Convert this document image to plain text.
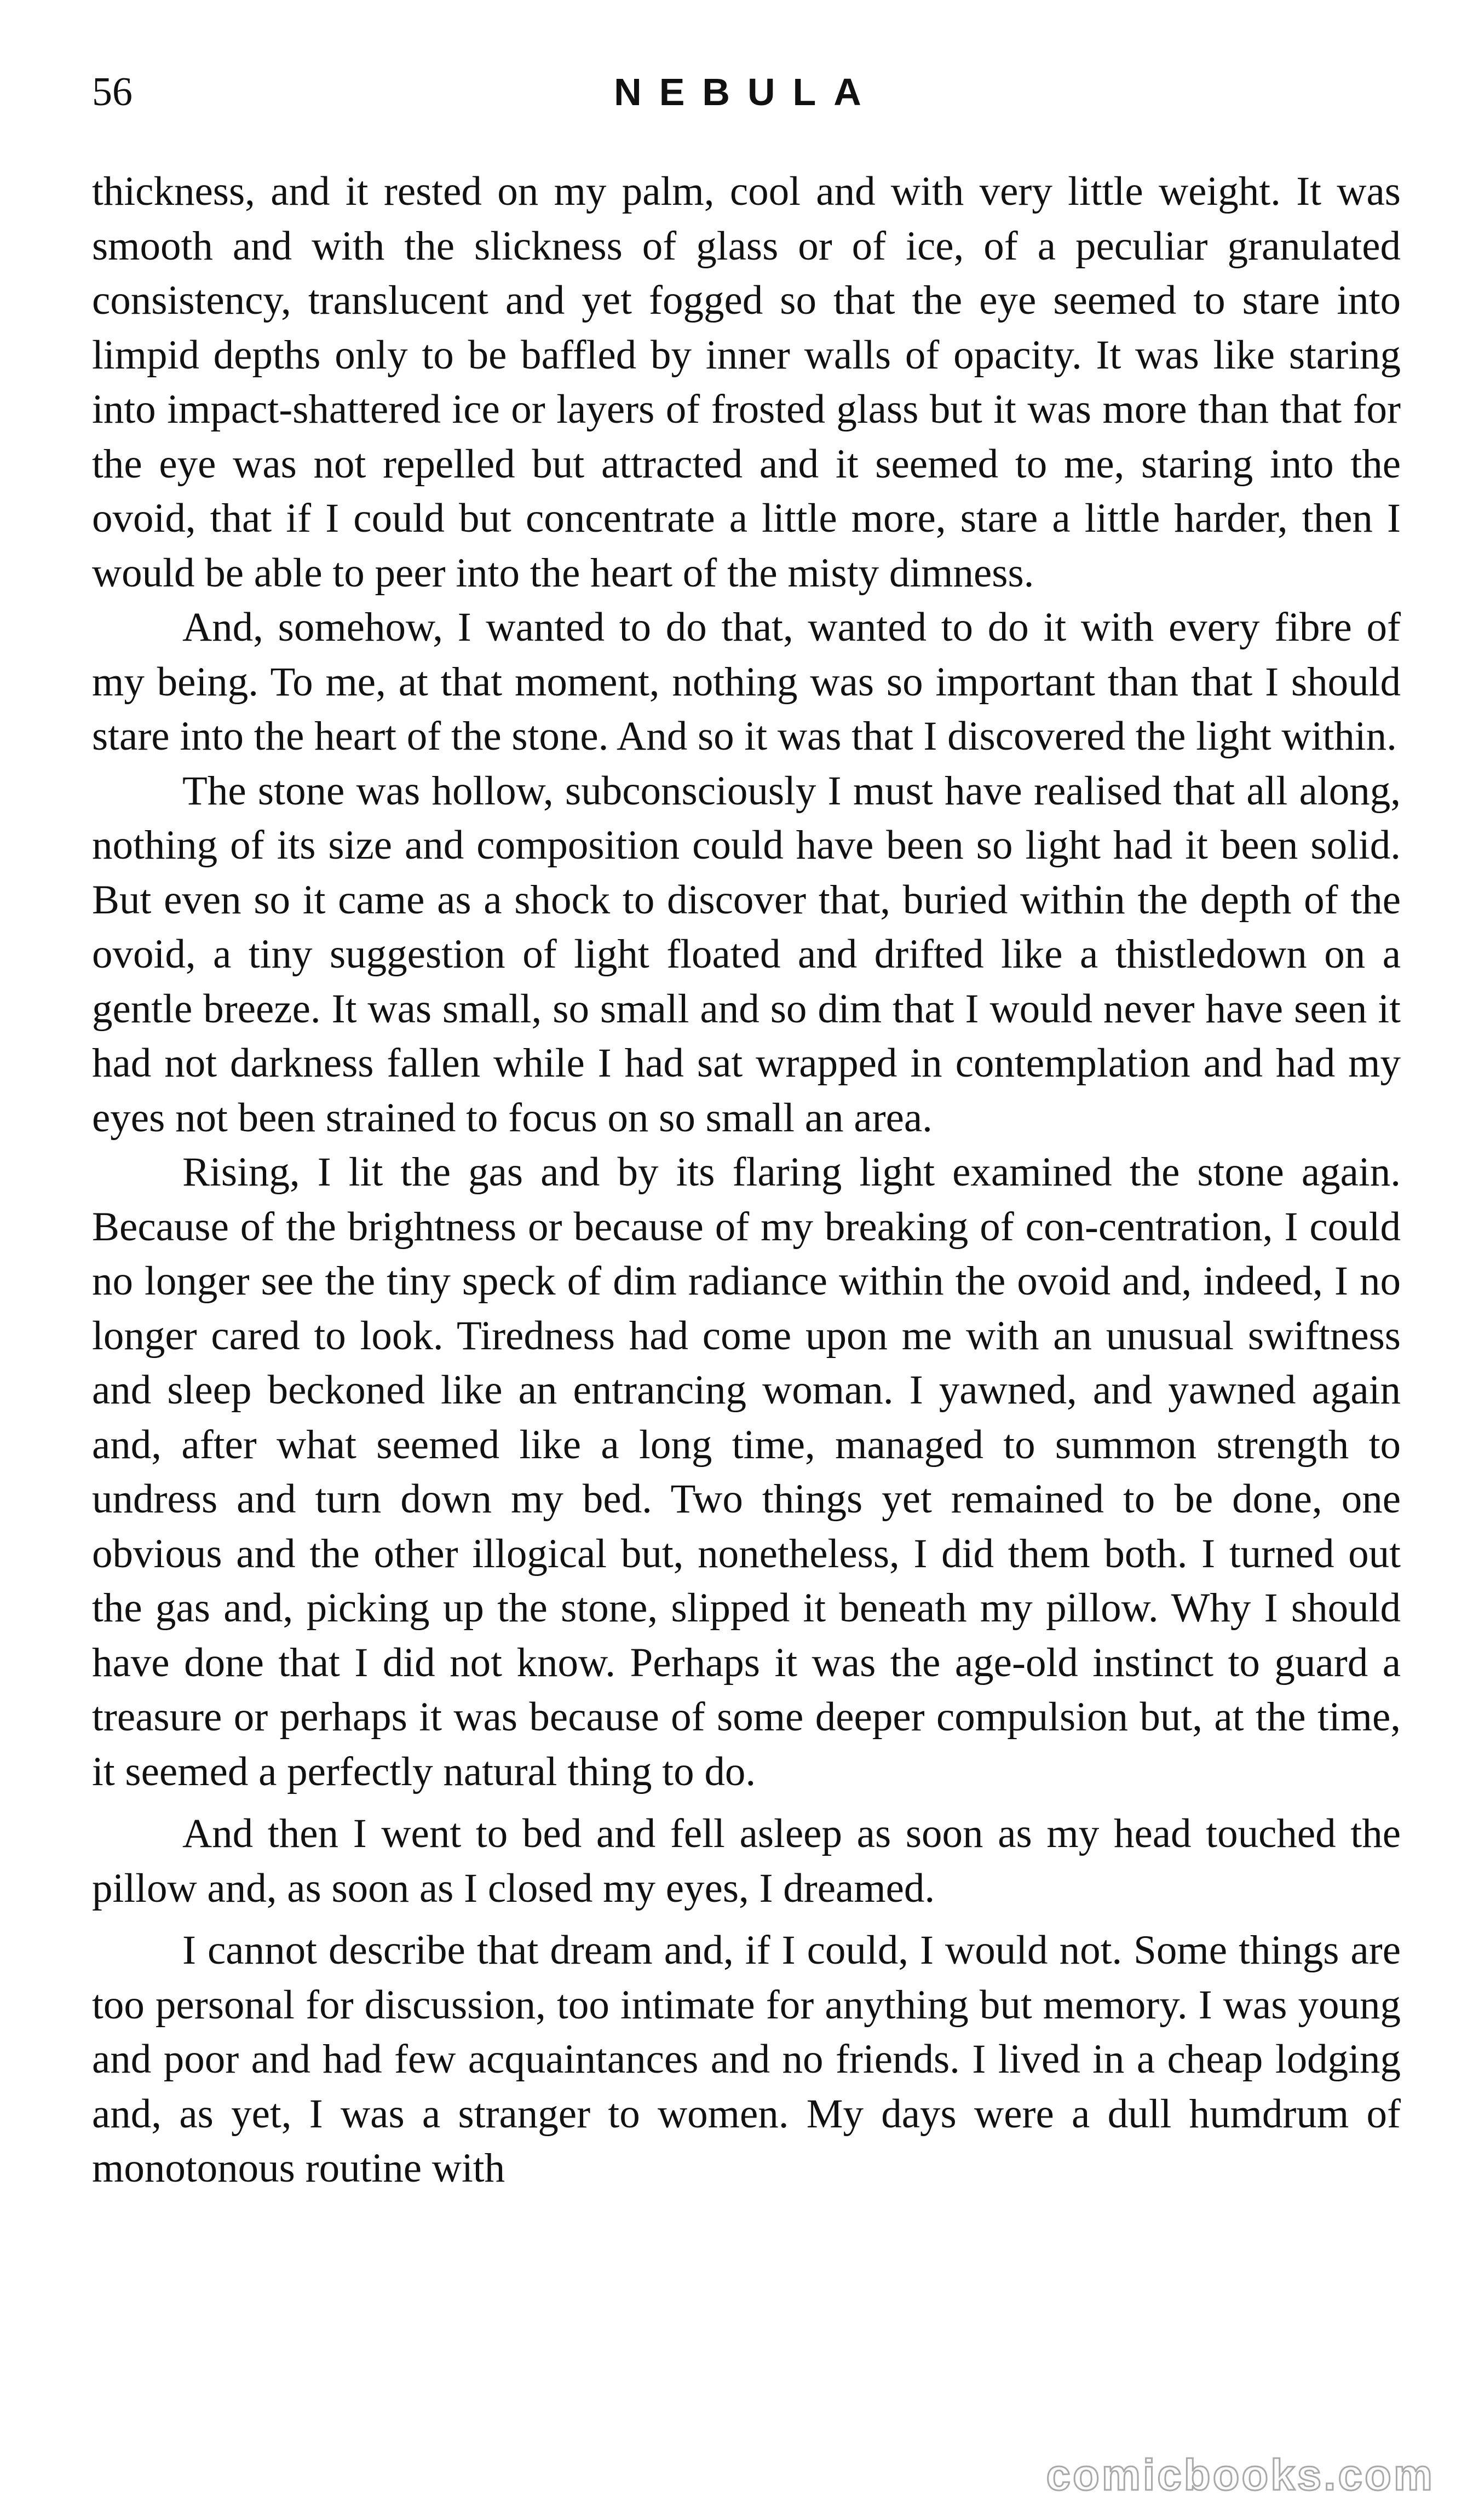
56	NEBULA

thickness, and it rested on my palm, cool and with very little weight. It was smooth and with the slickness of glass or of ice, of a peculiar granulated consistency, translucent and yet fogged so that the eye seemed to stare into limpid depths only to be baffled by inner walls of opacity. It was like staring into impact-shattered ice or layers of frosted glass but it was more than that for the eye was not repelled but attracted and it seemed to me, staring into the ovoid, that if I could but concentrate a little more, stare a little harder, then I would be able to peer into the heart of the misty dimness.

And, somehow, I wanted to do that, wanted to do it with every fibre of my being. To me, at that moment, nothing was so important than that I should stare into the heart of the stone. And so it was that I discovered the light within.

The stone was hollow, subconsciously I must have realised that all along, nothing of its size and composition could have been so light had it been solid. But even so it came as a shock to discover that, buried within the depth of the ovoid, a tiny suggestion of light floated and drifted like a thistledown on a gentle breeze. It was small, so small and so dim that I would never have seen it had not darkness fallen while I had sat wrapped in contemplation and had my eyes not been strained to focus on so small an area.

Rising, I lit the gas and by its flaring light examined the stone again. Because of the brightness or because of my breaking of con-centration, I could no longer see the tiny speck of dim radiance within the ovoid and, indeed, I no longer cared to look. Tiredness had come upon me with an unusual swiftness and sleep beckoned like an entrancing woman. I yawned, and yawned again and, after what seemed like a long time, managed to summon strength to undress and turn down my bed. Two things yet remained to be done, one obvious and the other illogical but, nonetheless, I did them both. I turned out the gas and, picking up the stone, slipped it beneath my pillow. Why I should have done that I did not know. Perhaps it was the age-old instinct to guard a treasure or perhaps it was because of some deeper compulsion but, at the time, it seemed a perfectly natural thing to do.

And then I went to bed and fell asleep as soon as my head touched the pillow and, as soon as I closed my eyes, I dreamed.

I cannot describe that dream and, if I could, I would not. Some things are too personal for discussion, too intimate for anything but memory. I was young and poor and had few acquaintances and no friends. I lived in a cheap lodging and, as yet, I was a stranger to women. My days were a dull humdrum of monotonous routine with

comicbooks.com
